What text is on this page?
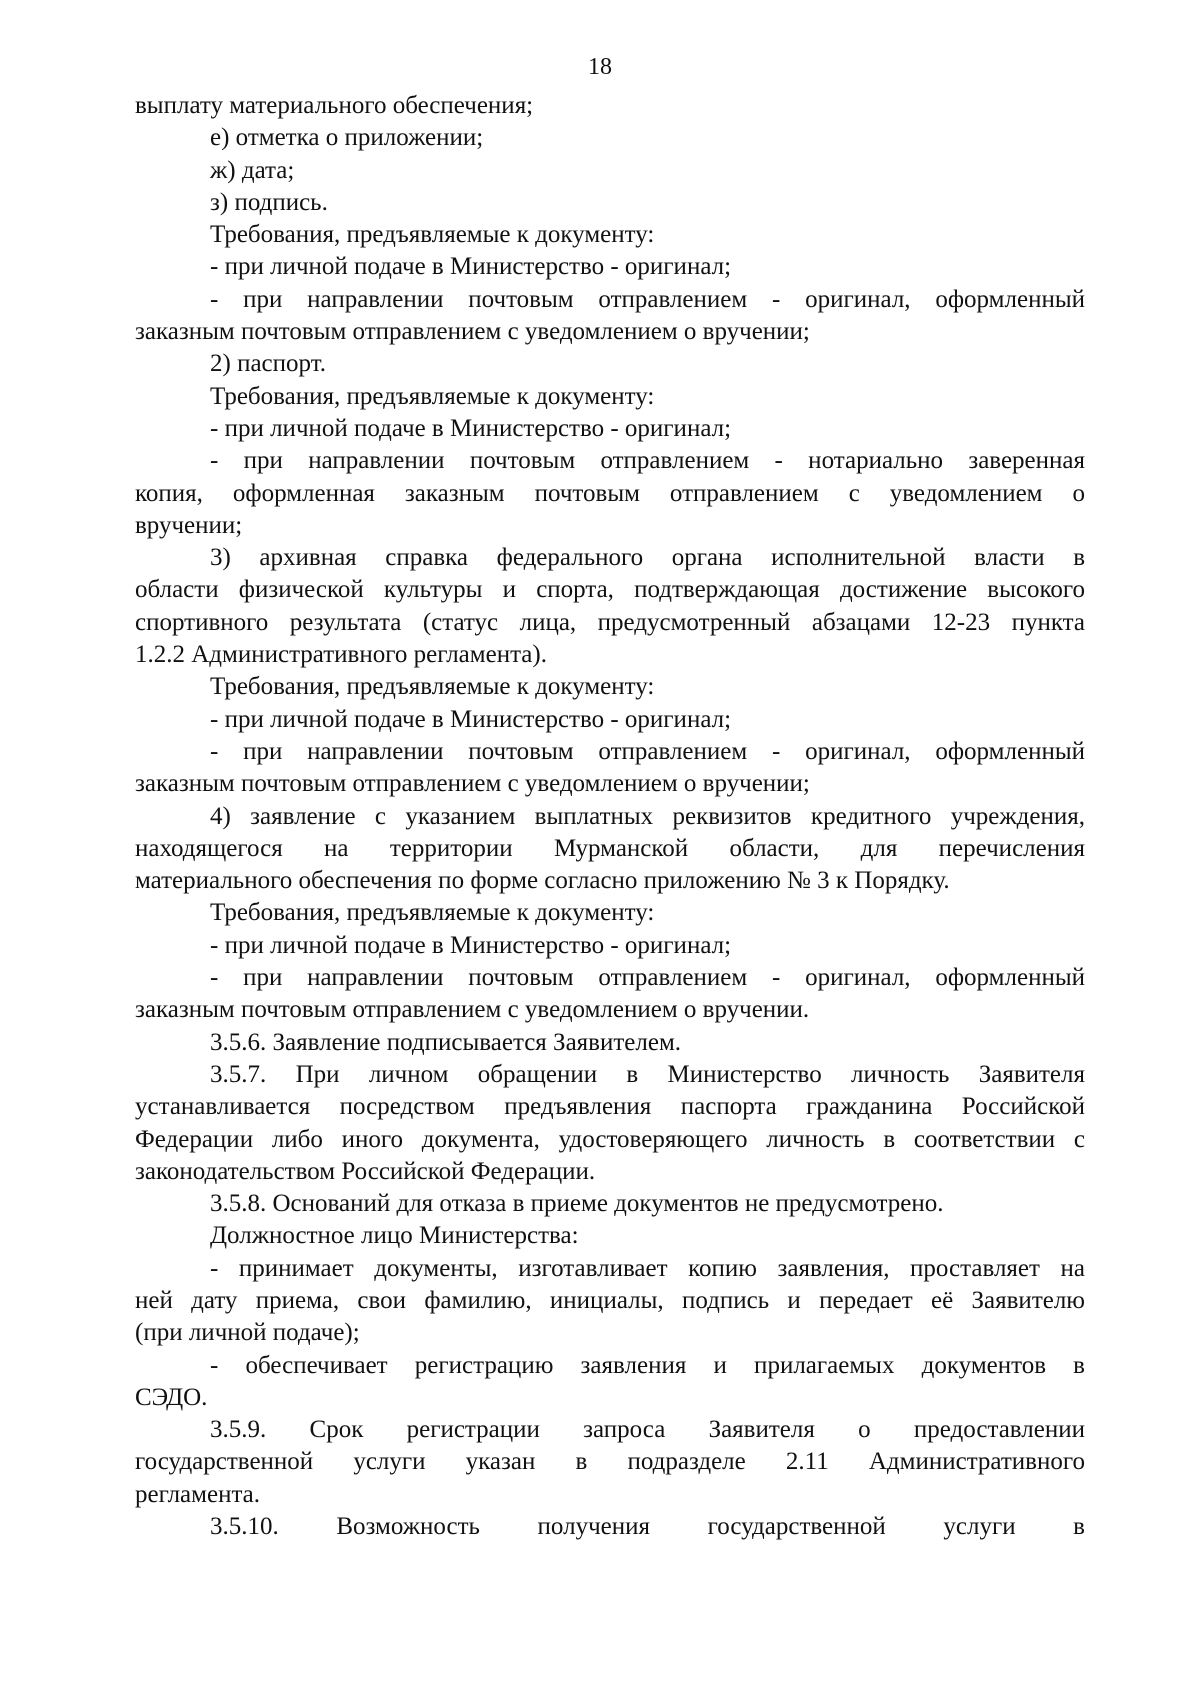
18
выплату материального обеспечения;
е) отметка о приложении;
ж) дата;
з) подпись.
Требования, предъявляемые к документу:
- при личной подаче в Министерство - оригинал;
- при направлении почтовым отправлением - оригинал, оформленный
заказным почтовым отправлением с уведомлением о вручении;
2) паспорт.
Требования, предъявляемые к документу:
- при личной подаче в Министерство - оригинал;
- при направлении почтовым отправлением - нотариально заверенная
копия, оформленная заказным почтовым отправлением с уведомлением о
вручении;
3) архивная справка федерального органа исполнительной власти в
области физической культуры и спорта, подтверждающая достижение высокого
спортивного результата (статус лица, предусмотренный абзацами 12-23 пункта
1.2.2 Административного регламента).
Требования, предъявляемые к документу:
- при личной подаче в Министерство - оригинал;
- при направлении почтовым отправлением - оригинал, оформленный
заказным почтовым отправлением с уведомлением о вручении;
4) заявление с указанием выплатных реквизитов кредитного учреждения,
находящегося на территории Мурманской области, для перечисления
материального обеспечения по форме согласно приложению № 3 к Порядку.
Требования, предъявляемые к документу:
- при личной подаче в Министерство - оригинал;
- при направлении почтовым отправлением - оригинал, оформленный
заказным почтовым отправлением с уведомлением о вручении.
3.5.6. Заявление подписывается Заявителем.
3.5.7. При личном обращении в Министерство личность Заявителя
устанавливается посредством предъявления паспорта гражданина Российской
Федерации либо иного документа, удостоверяющего личность в соответствии с
законодательством Российской Федерации.
3.5.8. Оснований для отказа в приеме документов не предусмотрено.
Должностное лицо Министерства:
- принимает документы, изготавливает копию заявления, проставляет на
ней дату приема, свои фамилию, инициалы, подпись и передает её Заявителю
(при личной подаче);
- обеспечивает регистрацию заявления и прилагаемых документов в
СЭДО.
3.5.9. Срок регистрации запроса Заявителя о предоставлении
государственной услуги указан в подразделе 2.11 Административного
регламента.
3.5.10. Возможность получения государственной услуги в
